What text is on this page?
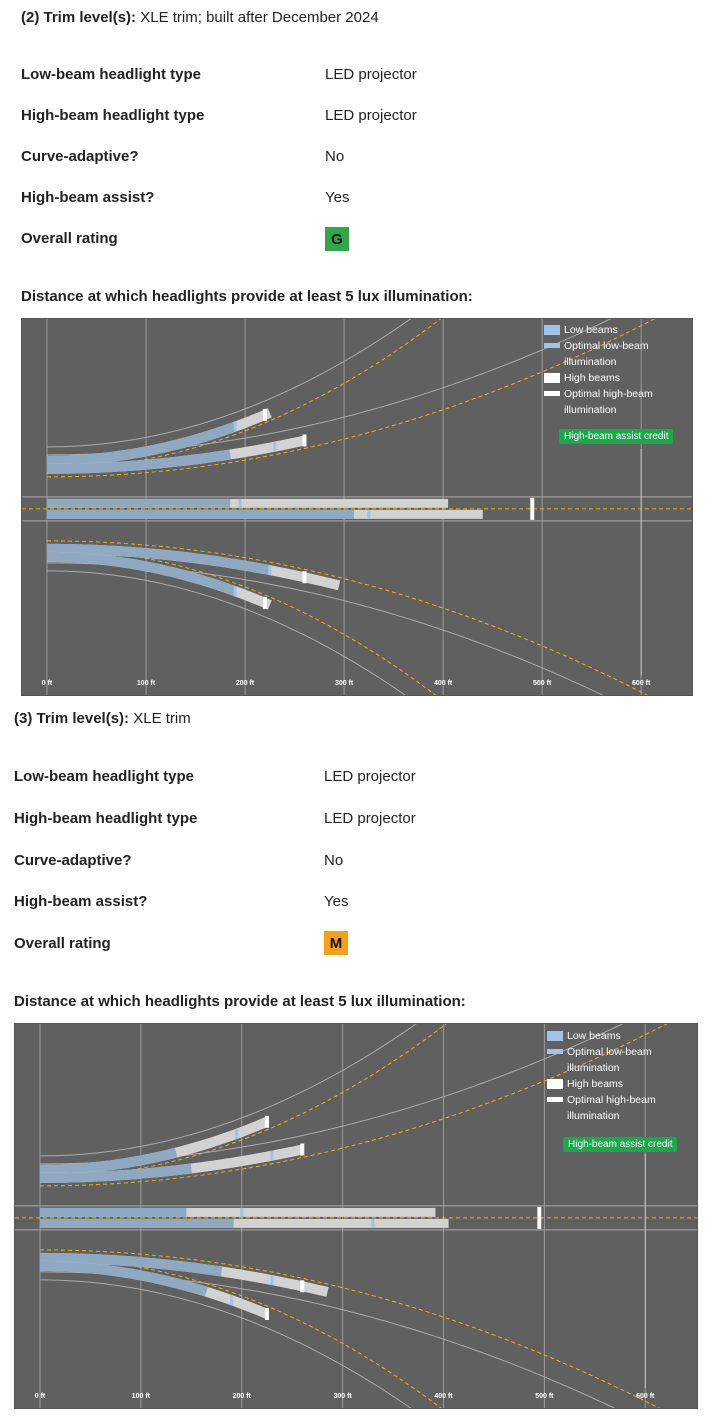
(2) Trim level(s): XLE trim; built after December 2024
Low-beam headlight type	LED projector
High-beam headlight type	LED projector
Curve-adaptive?	No
High-beam assist?	Yes
Overall rating	G
Distance at which headlights provide at least 5 lux illumination:
0 ft	100 ft	200 ft	300 ft	400 ft	500 ft	600 ft
Low beams
Optimal low-beam illumination
High beams
Optimal high-beam illumination
High-beam assist credit
(3) Trim level(s): XLE trim
Low-beam headlight type	LED projector
High-beam headlight type	LED projector
Curve-adaptive?	No
High-beam assist?	Yes
Overall rating	M
Distance at which headlights provide at least 5 lux illumination:
0 ft	100 ft	200 ft	300 ft	400 ft	500 ft	600 ft
Low beams
Optimal low-beam illumination
High beams
Optimal high-beam illumination
High-beam assist credit
